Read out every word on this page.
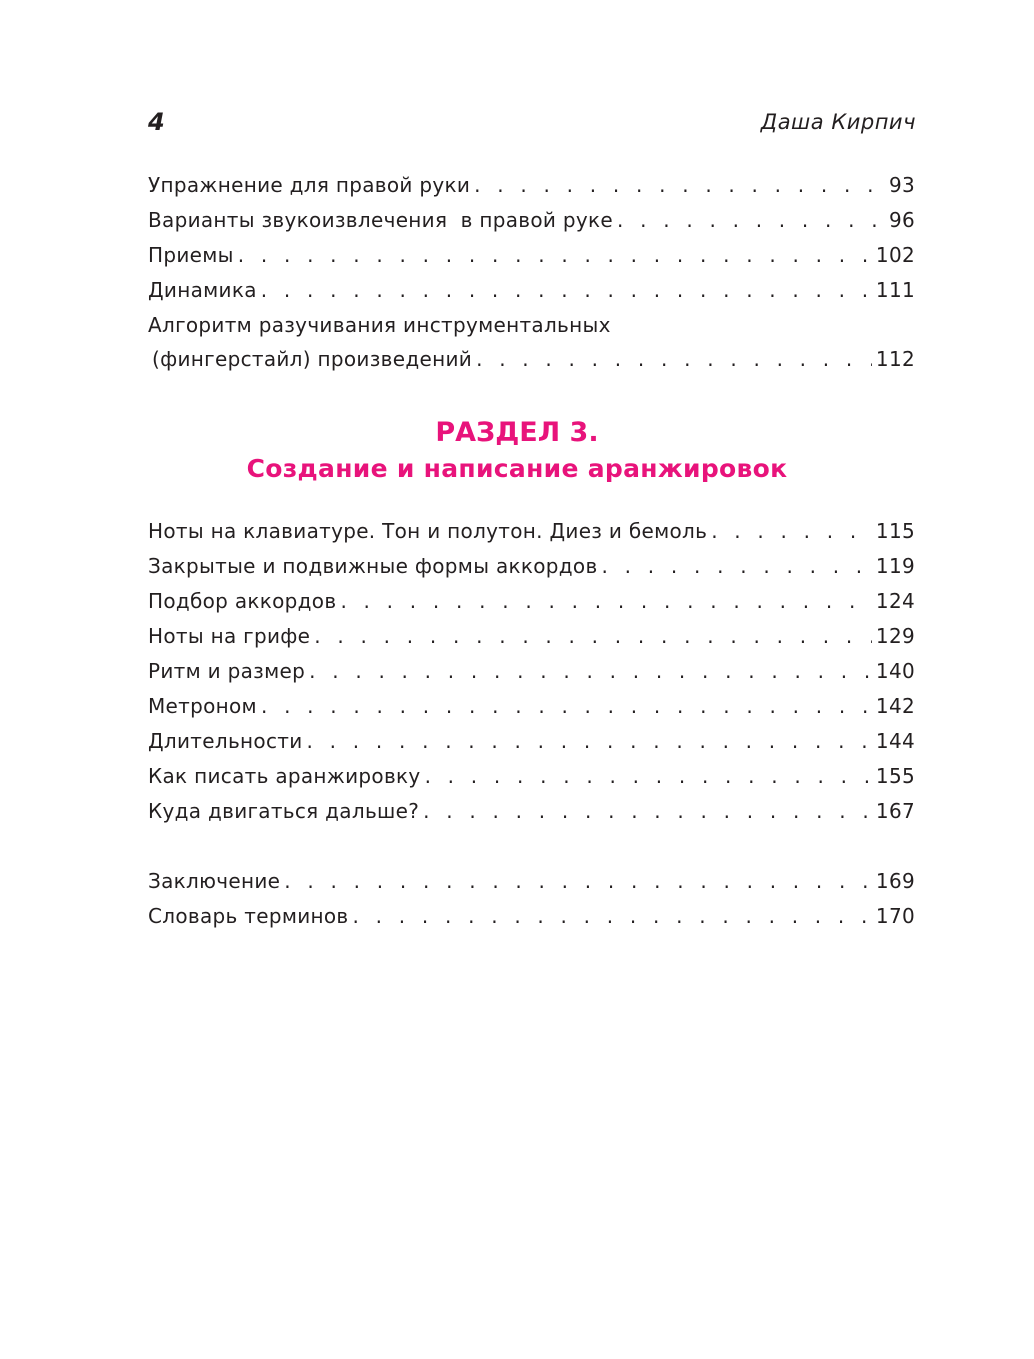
4	Даша Кирпич
Упражнение для правой руки . . .	93
Варианты звукоизвлечения  в правой руке . . .	96
Приемы . . .	102
Динамика . . .	111
Алгоритм разучивания инструментальных
(фингерстайл) произведений . . .	112
РАЗДЕЛ 3.
Создание и написание аранжировок
Ноты на клавиатуре. Тон и полутон. Диез и бемоль . . .	115
Закрытые и подвижные формы аккордов . . .	119
Подбор аккордов . . .	124
Ноты на грифе . . .	129
Ритм и размер . . .	140
Метроном . . .	142
Длительности . . .	144
Как писать аранжировку . . .	155
Куда двигаться дальше? . . .	167
Заключение . . .	169
Словарь терминов . . .	170
